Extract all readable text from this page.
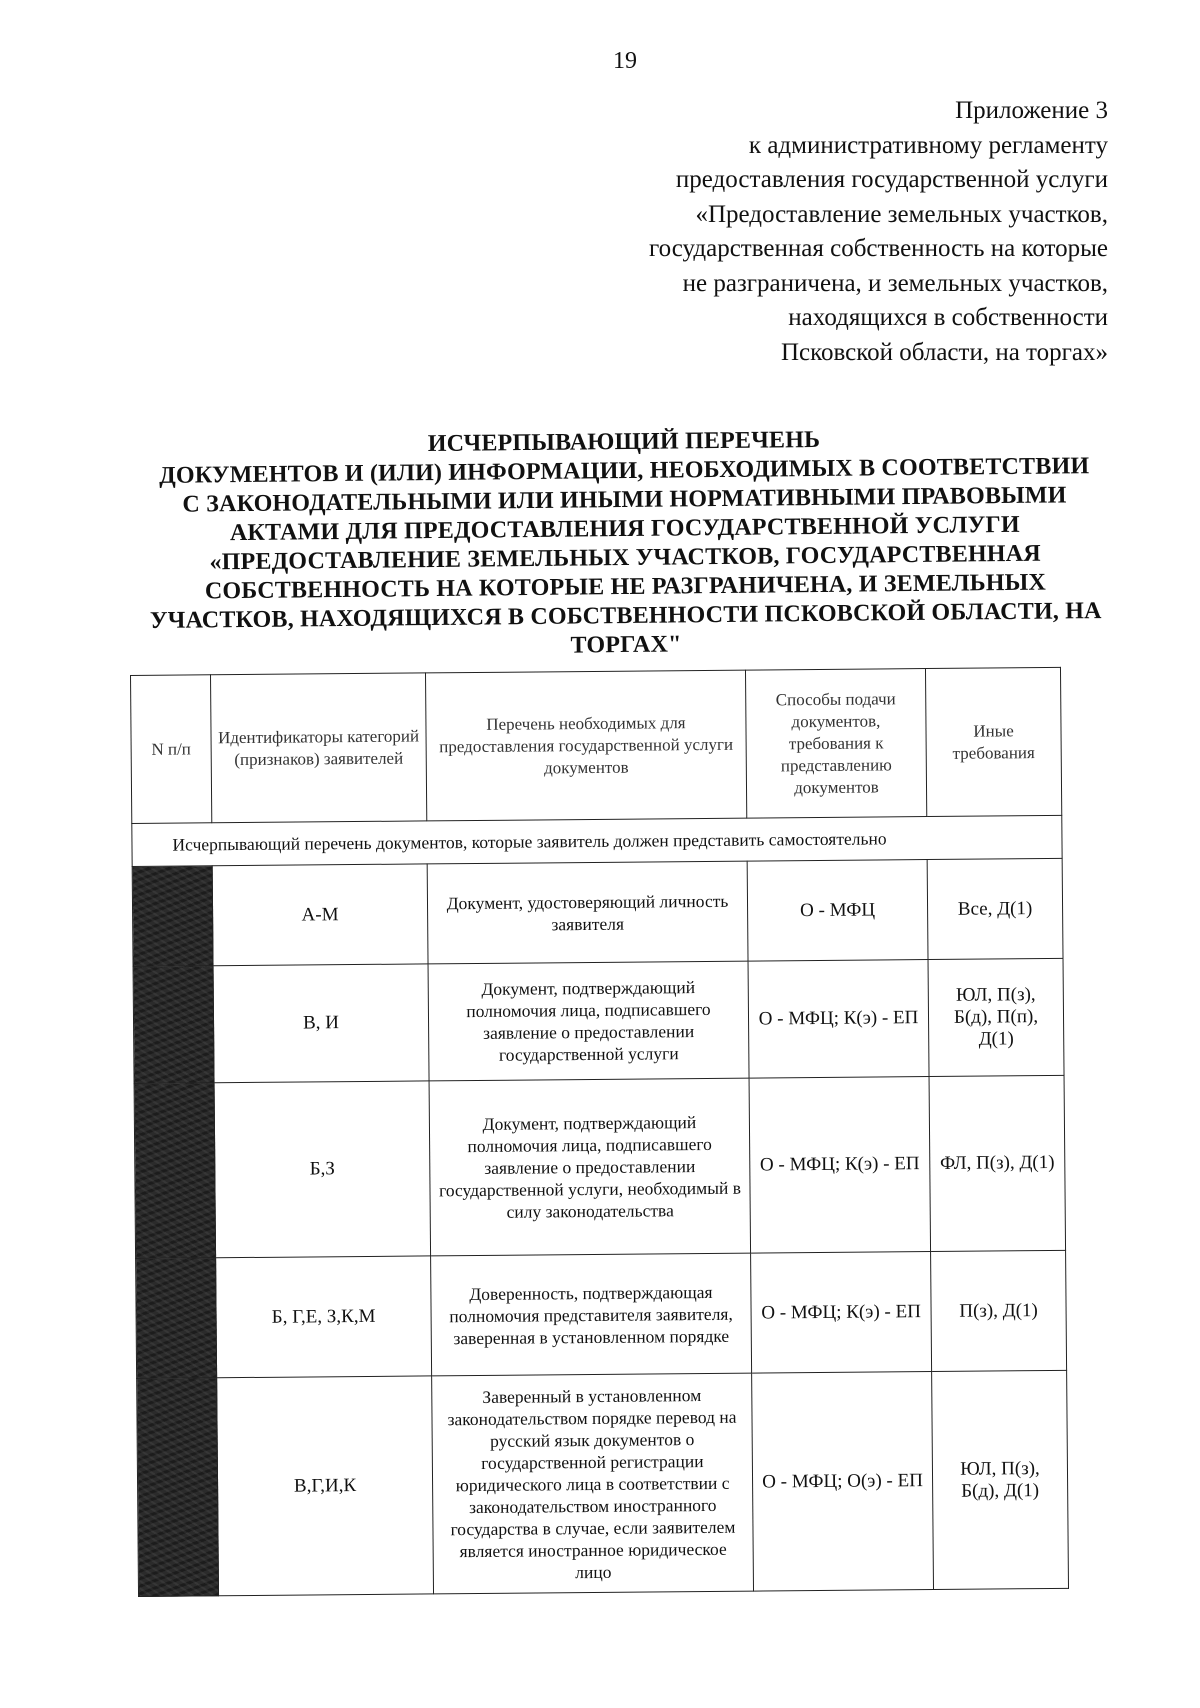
19
Приложение 3
к административному регламенту
предоставления государственной услуги
«Предоставление земельных участков,
государственная собственность на которые
не разграничена, и земельных участков,
находящихся в собственности
Псковской области, на торгах»
ИСЧЕРПЫВАЮЩИЙ ПЕРЕЧЕНЬ
ДОКУМЕНТОВ И (ИЛИ) ИНФОРМАЦИИ, НЕОБХОДИМЫХ В СООТВЕТСТВИИ
С ЗАКОНОДАТЕЛЬНЫМИ ИЛИ ИНЫМИ НОРМАТИВНЫМИ ПРАВОВЫМИ
АКТАМИ ДЛЯ ПРЕДОСТАВЛЕНИЯ ГОСУДАРСТВЕННОЙ УСЛУГИ
«ПРЕДОСТАВЛЕНИЕ ЗЕМЕЛЬНЫХ УЧАСТКОВ, ГОСУДАРСТВЕННАЯ
СОБСТВЕННОСТЬ НА КОТОРЫЕ НЕ РАЗГРАНИЧЕНА, И ЗЕМЕЛЬНЫХ
УЧАСТКОВ, НАХОДЯЩИХСЯ В СОБСТВЕННОСТИ ПСКОВСКОЙ ОБЛАСТИ, НА
ТОРГАХ"
N п/п	Идентификаторы категорий (признаков) заявителей	Перечень необходимых для предоставления государственной услуги документов	Способы подачи документов, требования к представлению документов	Иные требования
Исчерпывающий перечень документов, которые заявитель должен представить самостоятельно				
	А-М	Документ, удостоверяющий личность заявителя	О - МФЦ	Все, Д(1)
	В, И	Документ, подтверждающий полномочия лица, подписавшего заявление о предоставлении государственной услуги	О - МФЦ; К(э) - ЕП	ЮЛ, П(з), Б(д), П(п), Д(1)
	Б,З	Документ, подтверждающий полномочия лица, подписавшего заявление о предоставлении государственной услуги, необходимый в силу законодательства	О - МФЦ; К(э) - ЕП	ФЛ, П(з), Д(1)
	Б, Г,Е, З,К,М	Доверенность, подтверждающая полномочия представителя заявителя, заверенная в установленном порядке	О - МФЦ; К(э) - ЕП	П(з), Д(1)
	В,Г,И,К	Заверенный в установленном законодательством порядке перевод на русский язык документов о государственной регистрации юридического лица в соответствии с законодательством иностранного государства в случае, если заявителем является иностранное юридическое лицо	О - МФЦ; О(э) - ЕП	ЮЛ, П(з), Б(д), Д(1)
